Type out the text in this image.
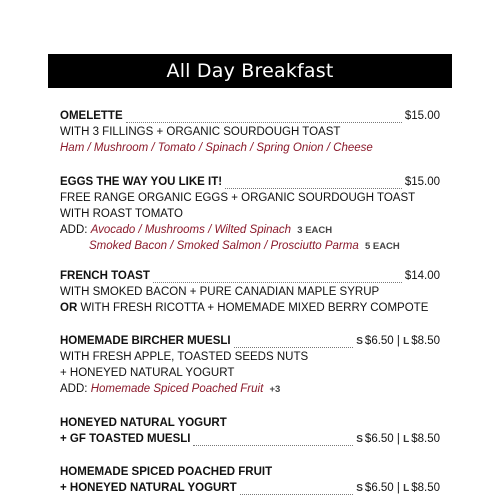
All Day Breakfast
OMELETTE	$15.00
WITH 3 FILLINGS + ORGANIC SOURDOUGH TOAST
Ham / Mushroom / Tomato / Spinach / Spring Onion / Cheese
EGGS THE WAY YOU LIKE IT!	$15.00
FREE RANGE ORGANIC EGGS + ORGANIC SOURDOUGH TOAST
WITH ROAST TOMATO
ADD: Avocado / Mushrooms / Wilted Spinach 3 EACH
Smoked Bacon / Smoked Salmon / Prosciutto Parma 5 EACH
FRENCH TOAST	$14.00
WITH SMOKED BACON + PURE CANADIAN MAPLE SYRUP
OR WITH FRESH RICOTTA + HOMEMADE MIXED BERRY COMPOTE
HOMEMADE BIRCHER MUESLI	S $6.50 | L $8.50
WITH FRESH APPLE, TOASTED SEEDS NUTS
+ HONEYED NATURAL YOGURT
ADD: Homemade Spiced Poached Fruit +3
HONEYED NATURAL YOGURT
+ GF TOASTED MUESLI	S $6.50 | L $8.50
HOMEMADE SPICED POACHED FRUIT
+ HONEYED NATURAL YOGURT	S $6.50 | L $8.50
